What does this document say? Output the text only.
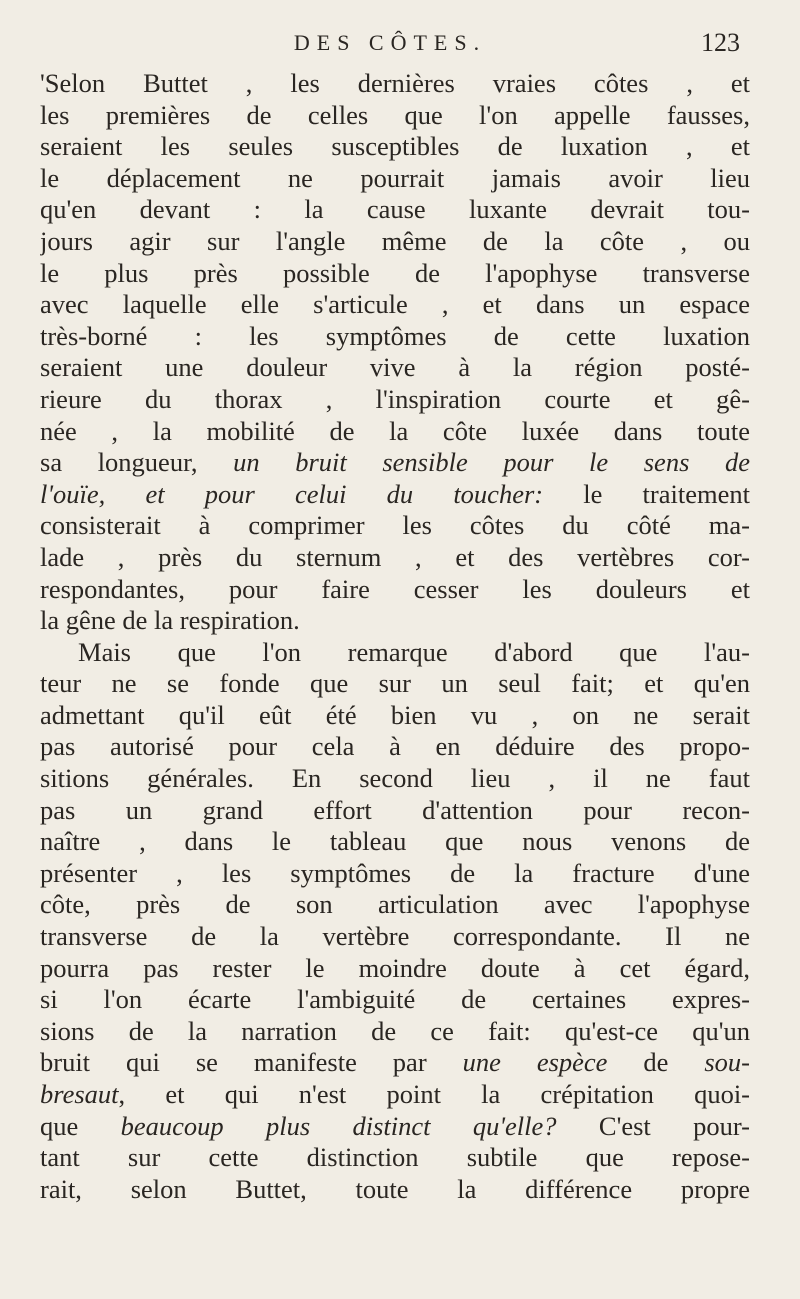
DES CÔTES.	123
'Selon Buttet , les dernières vraies côtes , et
les premières de celles que l'on appelle fausses,
seraient les seules susceptibles de luxation , et
le déplacement ne pourrait jamais avoir lieu
qu'en devant : la cause luxante devrait tou-
jours agir sur l'angle même de la côte , ou
le plus près possible de l'apophyse transverse
avec laquelle elle s'articule , et dans un espace
très-borné : les symptômes de cette luxation
seraient une douleur vive à la région posté-
rieure du thorax , l'inspiration courte et gê-
née , la mobilité de la côte luxée dans toute
sa longueur, un bruit sensible pour le sens de
l'ouïe, et pour celui du toucher: le traitement
consisterait à comprimer les côtes du côté ma-
lade , près du sternum , et des vertèbres cor-
respondantes, pour faire cesser les douleurs et
la gêne de la respiration.
Mais que l'on remarque d'abord que l'au-
teur ne se fonde que sur un seul fait; et qu'en
admettant qu'il eût été bien vu , on ne serait
pas autorisé pour cela à en déduire des propo-
sitions générales. En second lieu , il ne faut
pas un grand effort d'attention pour recon-
naître , dans le tableau que nous venons de
présenter , les symptômes de la fracture d'une
côte, près de son articulation avec l'apophyse
transverse de la vertèbre correspondante. Il ne
pourra pas rester le moindre doute à cet égard,
si l'on écarte l'ambiguité de certaines expres-
sions de la narration de ce fait: qu'est-ce qu'un
bruit qui se manifeste par une espèce de sou-
bresaut, et qui n'est point la crépitation quoi-
que beaucoup plus distinct qu'elle? C'est pour-
tant sur cette distinction subtile que repose-
rait, selon Buttet, toute la différence propre
